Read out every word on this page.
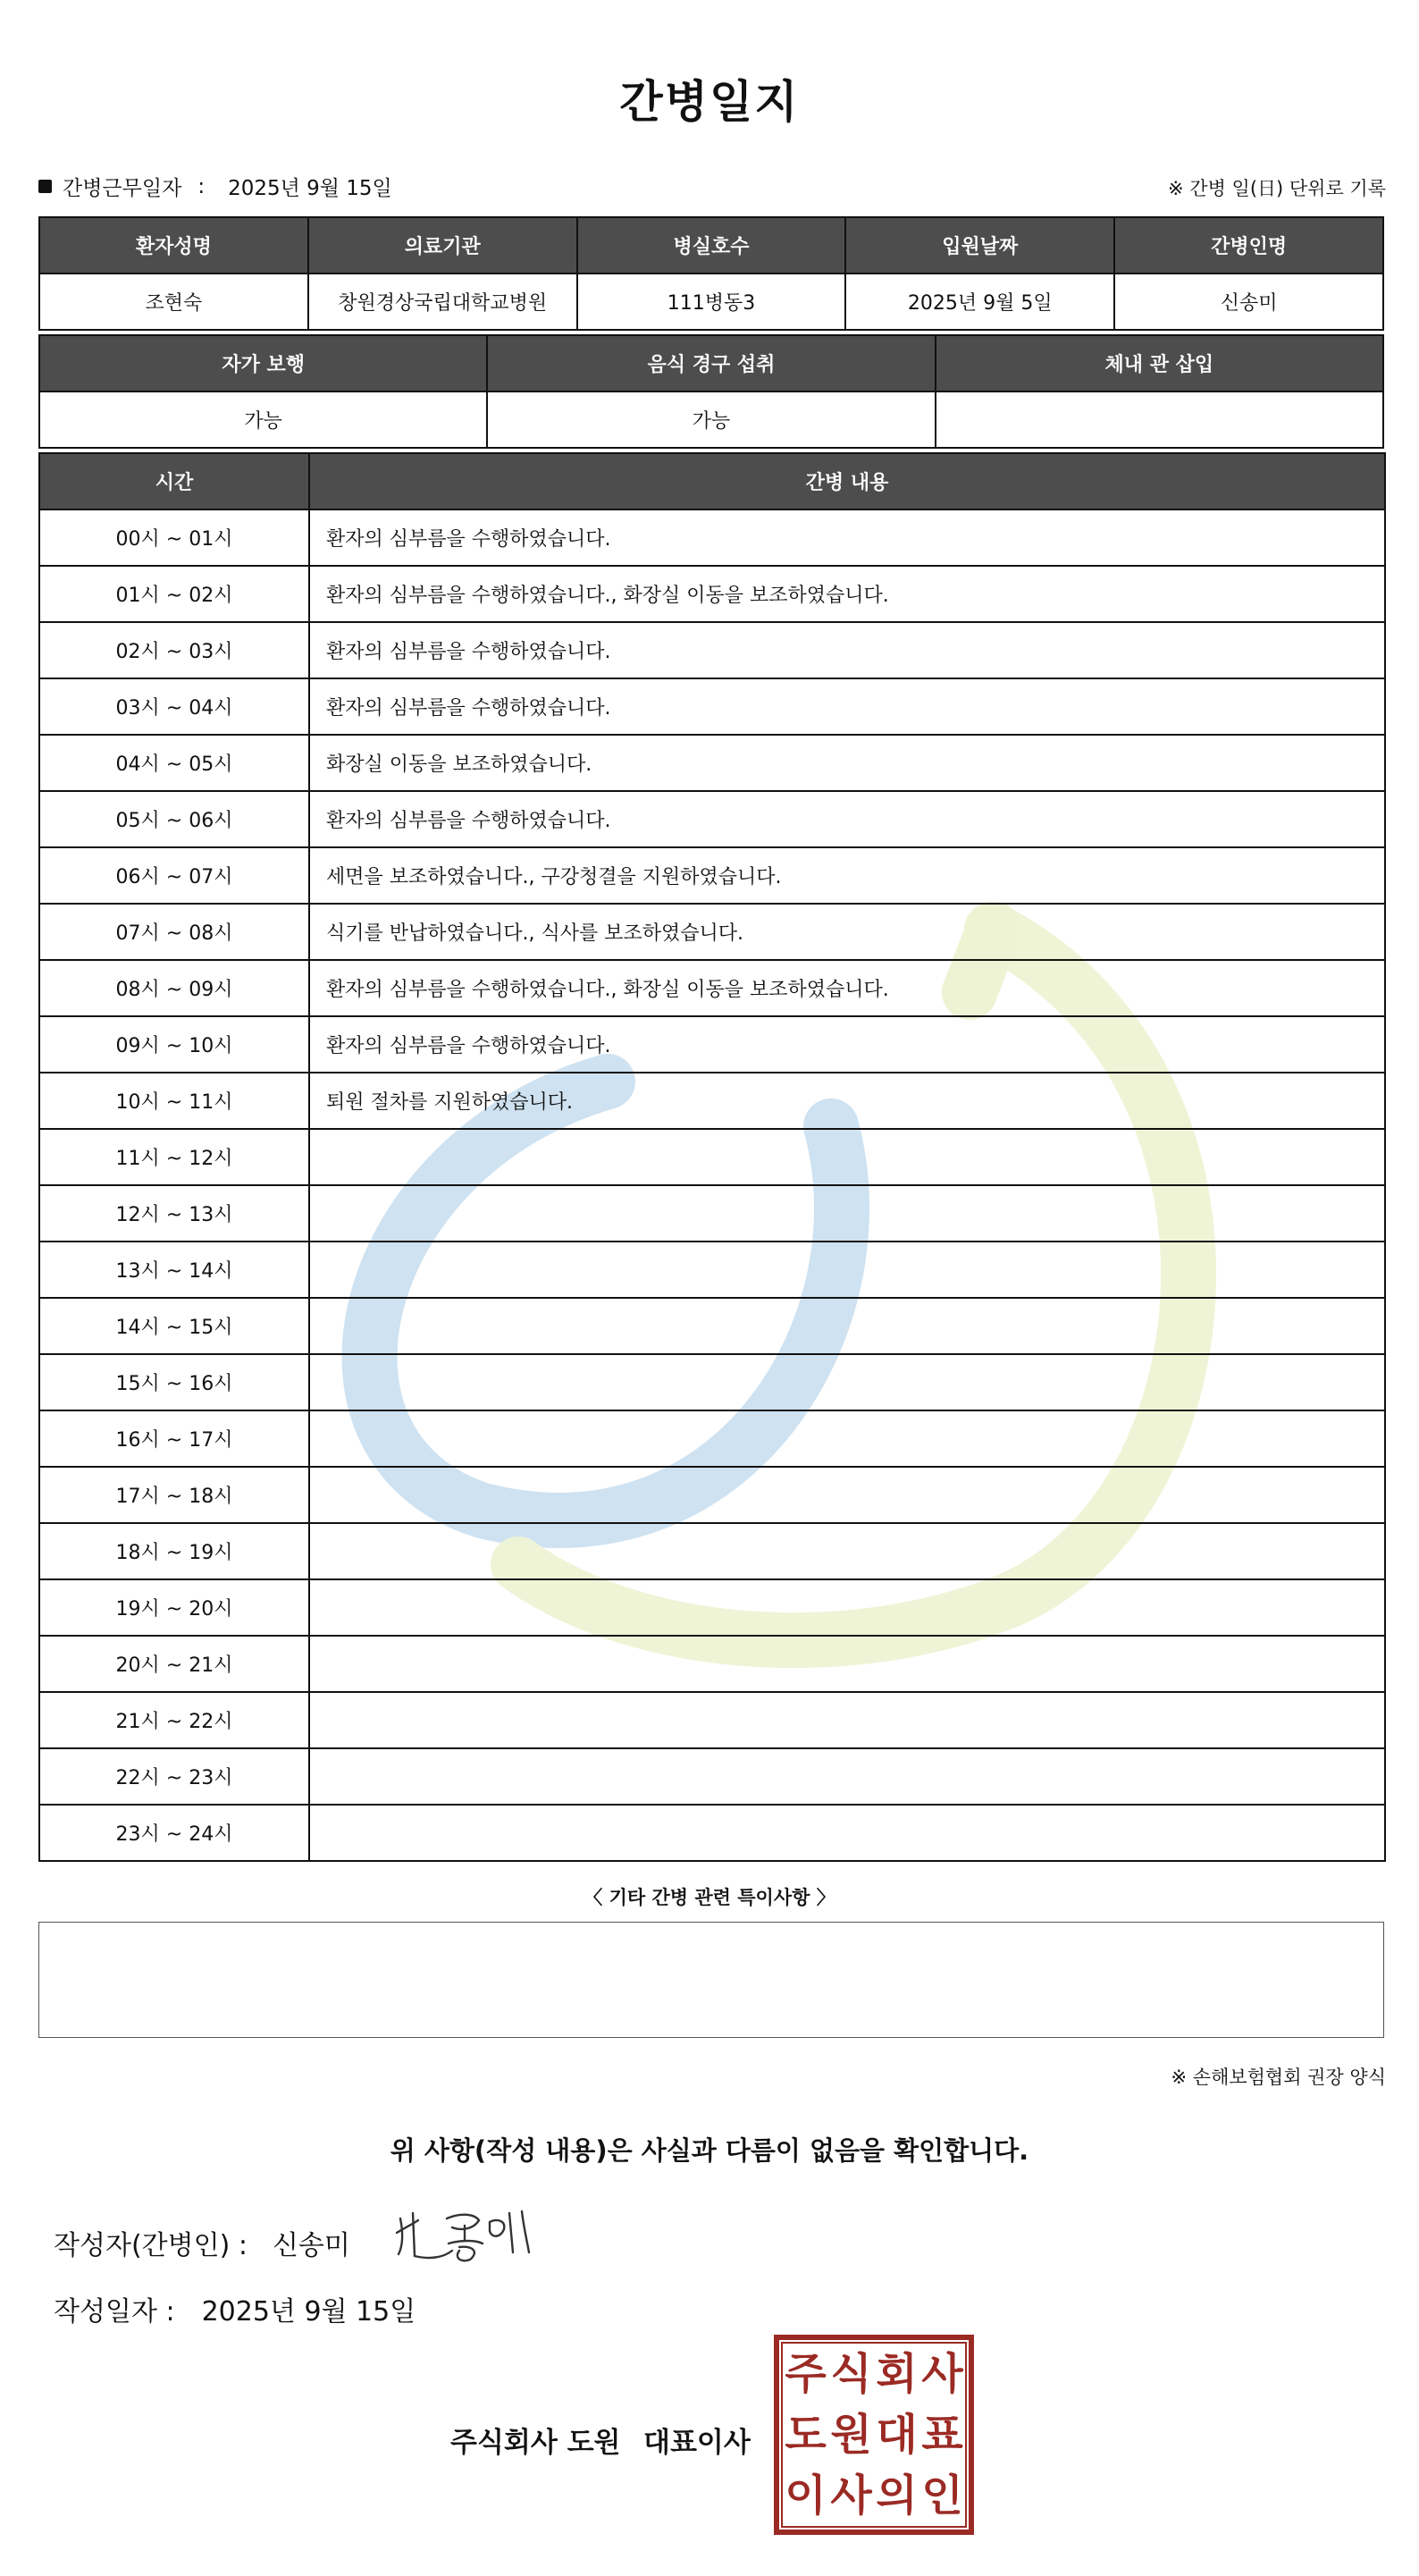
간병일지
간병근무일자 : 2025년 9월 15일	※ 간병 일(日) 단위로 기록
환자성명	의료기관	병실호수	입원날짜	간병인명
조현숙	창원경상국립대학교병원	111병동3	2025년 9월 5일	신송미
자가 보행	음식 경구 섭취	체내 관 삽입
가능	가능	
시간	간병 내용
00시 ~ 01시	환자의 심부름을 수행하였습니다.
01시 ~ 02시	환자의 심부름을 수행하였습니다., 화장실 이동을 보조하였습니다.
02시 ~ 03시	환자의 심부름을 수행하였습니다.
03시 ~ 04시	환자의 심부름을 수행하였습니다.
04시 ~ 05시	화장실 이동을 보조하였습니다.
05시 ~ 06시	환자의 심부름을 수행하였습니다.
06시 ~ 07시	세면을 보조하였습니다., 구강청결을 지원하였습니다.
07시 ~ 08시	식기를 반납하였습니다., 식사를 보조하였습니다.
08시 ~ 09시	환자의 심부름을 수행하였습니다., 화장실 이동을 보조하였습니다.
09시 ~ 10시	환자의 심부름을 수행하였습니다.
10시 ~ 11시	퇴원 절차를 지원하였습니다.
11시 ~ 12시	
12시 ~ 13시	
13시 ~ 14시	
14시 ~ 15시	
15시 ~ 16시	
16시 ~ 17시	
17시 ~ 18시	
18시 ~ 19시	
19시 ~ 20시	
20시 ~ 21시	
21시 ~ 22시	
22시 ~ 23시	
23시 ~ 24시	
〈 기타 간병 관련 특이사항 〉
※ 손해보험협회 권장 양식
위 사항(작성 내용)은 사실과 다름이 없음을 확인합니다.
작성자(간병인) : 신송미
작성일자 : 2025년 9월 15일
주식회사 도원 대표이사
주 식 회 사
도 원 대 표
이 사 의 인
